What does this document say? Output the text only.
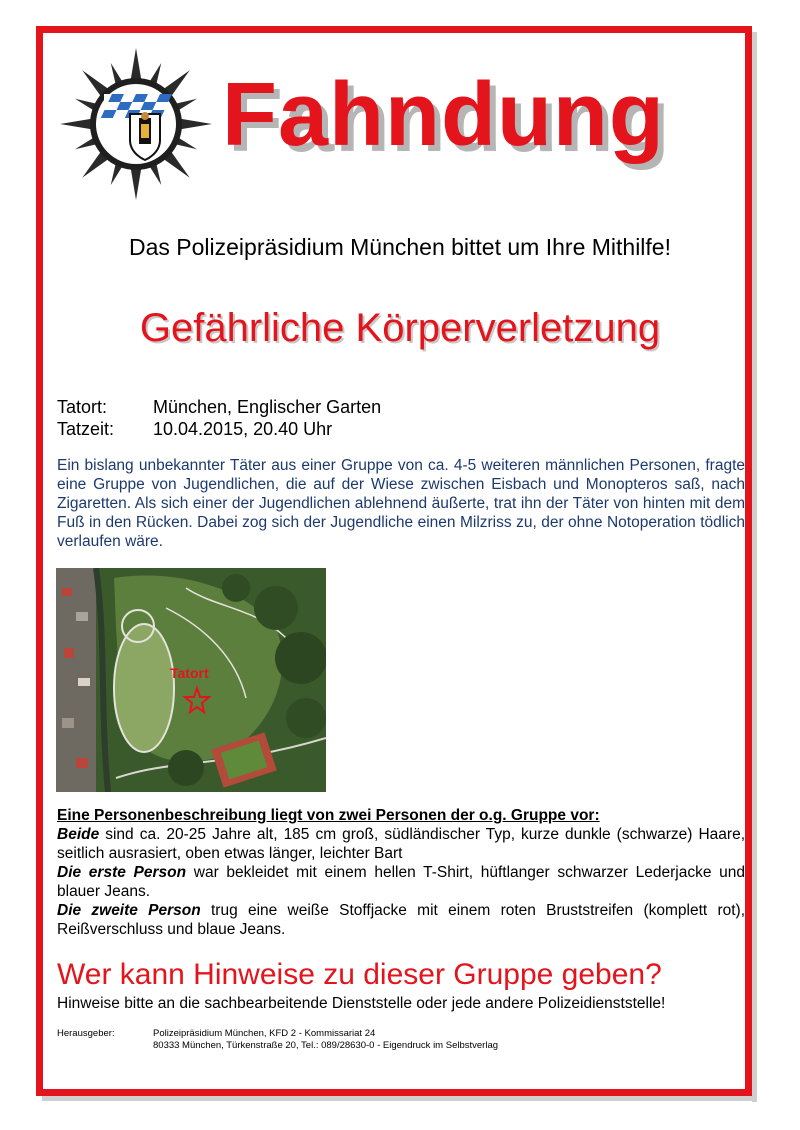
Fahndung
Das Polizeipräsidium München bittet um Ihre Mithilfe!
Gefährliche Körperverletzung
Tatort:	München, Englischer Garten
Tatzeit: 10.04.2015, 20.40 Uhr
Ein bislang unbekannter Täter aus einer Gruppe von ca. 4-5 weiteren männlichen Personen, fragte eine Gruppe von Jugendlichen, die auf der Wiese zwischen Eisbach und Monopteros saß, nach Zigaretten. Als sich einer der Jugendlichen ablehnend äußerte, trat ihn der Täter von hinten mit dem Fuß in den Rücken. Dabei zog sich der Jugendliche einen Milzriss zu, der ohne Notoperation tödlich verlaufen wäre.
Tatort
Eine Personenbeschreibung liegt von zwei Personen der o.g. Gruppe vor:
Beide sind ca. 20-25 Jahre alt, 185 cm groß, südländischer Typ, kurze dunkle (schwarze) Haare, seitlich ausrasiert, oben etwas länger, leichter Bart
Die erste Person war bekleidet mit einem hellen T-Shirt, hüftlanger schwarzer Lederjacke und blauer Jeans.
Die zweite Person trug eine weiße Stoffjacke mit einem roten Bruststreifen (komplett rot), Reißverschluss und blaue Jeans.
Wer kann Hinweise zu dieser Gruppe geben?
Hinweise bitte an die sachbearbeitende Dienststelle oder jede andere Polizeidienststelle!
Herausgeber:	Polizeipräsidium München, KFD 2 - Kommissariat 24
80333 München, Türkenstraße 20, Tel.: 089/28630-0 - Eigendruck im Selbstverlag
